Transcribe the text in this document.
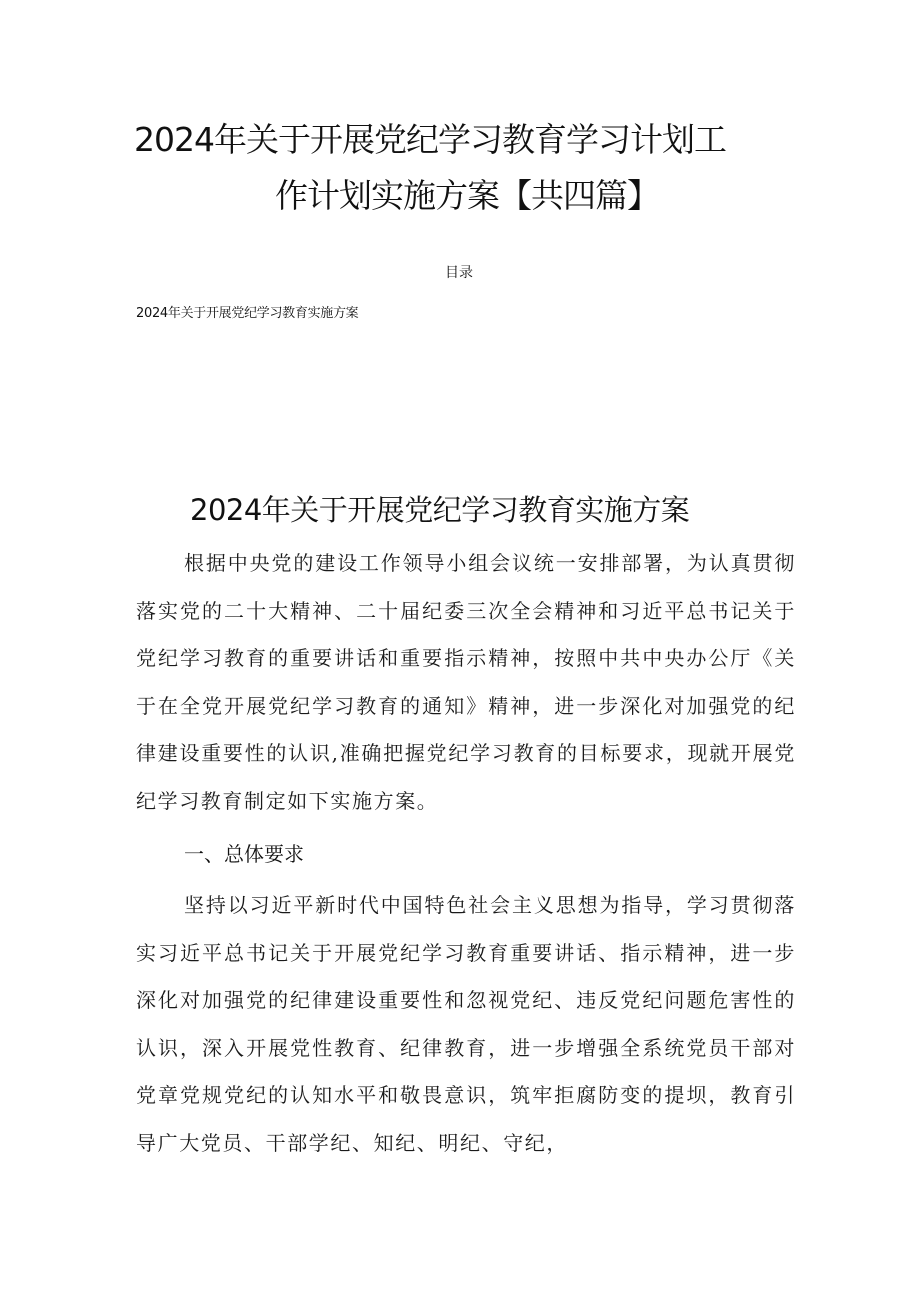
2024年关于开展党纪学习教育学习计划工
作计划实施方案【共四篇】
目录
2024年关于开展党纪学习教育实施方案
2024年关于开展党纪学习教育实施方案

根据中央党的建设工作领导小组会议统一安排部署，为认真贯彻落实党的二十大精神、二十届纪委三次全会精神和习近平总书记关于党纪学习教育的重要讲话和重要指示精神，按照中共中央办公厅《关于在全党开展党纪学习教育的通知》精神，进一步深化对加强党的纪律建设重要性的认识,准确把握党纪学习教育的目标要求，现就开展党纪学习教育制定如下实施方案。

一、总体要求

坚持以习近平新时代中国特色社会主义思想为指导，学习贯彻落实习近平总书记关于开展党纪学习教育重要讲话、指示精神，进一步深化对加强党的纪律建设重要性和忽视党纪、违反党纪问题危害性的认识，深入开展党性教育、纪律教育，进一步增强全系统党员干部对党章党规党纪的认知水平和敬畏意识，筑牢拒腐防变的提坝，教育引导广大党员、干部学纪、知纪、明纪、守纪，
